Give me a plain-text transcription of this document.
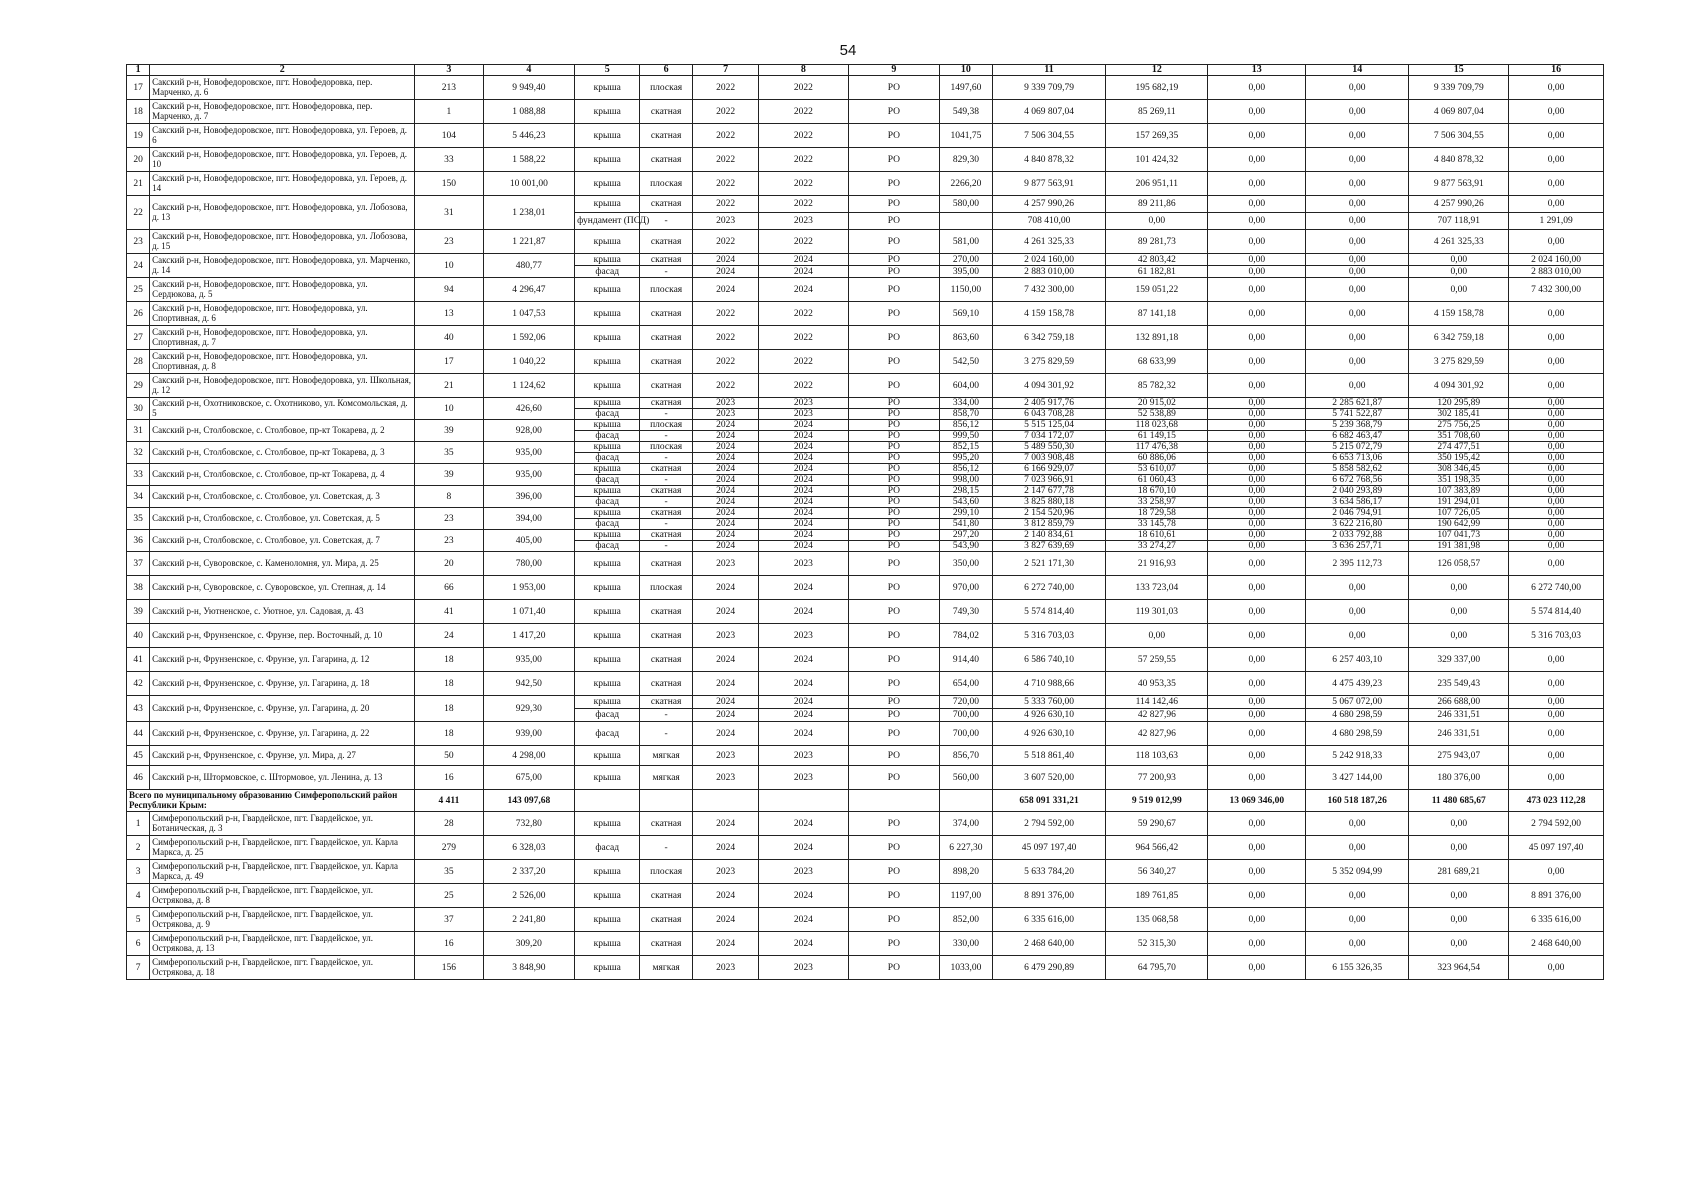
54
1	2	3	4	5	6	7	8	9	10	11	12	13	14	15	16
17	Сакский р-н, Новофедоровское, пгт. Новофедоровка, пер. Марченко, д. 6	213	9 949,40	крыша	плоская	2022	2022	РО	1497,60	9 339 709,79	195 682,19	0,00	0,00	9 339 709,79	0,00
18	Сакский р-н, Новофедоровское, пгт. Новофедоровка, пер. Марченко, д. 7	1	1 088,88	крыша	скатная	2022	2022	РО	549,38	4 069 807,04	85 269,11	0,00	0,00	4 069 807,04	0,00
19	Сакский р-н, Новофедоровское, пгт. Новофедоровка, ул. Героев, д. 6	104	5 446,23	крыша	скатная	2022	2022	РО	1041,75	7 506 304,55	157 269,35	0,00	0,00	7 506 304,55	0,00
20	Сакский р-н, Новофедоровское, пгт. Новофедоровка, ул. Героев, д. 10	33	1 588,22	крыша	скатная	2022	2022	РО	829,30	4 840 878,32	101 424,32	0,00	0,00	4 840 878,32	0,00
21	Сакский р-н, Новофедоровское, пгт. Новофедоровка, ул. Героев, д. 14	150	10 001,00	крыша	плоская	2022	2022	РО	2266,20	9 877 563,91	206 951,11	0,00	0,00	9 877 563,91	0,00
22	Сакский р-н, Новофедоровское, пгт. Новофедоровка, ул. Лобозова, д. 13	31	1 238,01	крыша	скатная	2022	2022	РО	580,00	4 257 990,26	89 211,86	0,00	0,00	4 257 990,26	0,00
				фундамент (ПСД)	-	2023	2023	РО		708 410,00	0,00	0,00	0,00	707 118,91	1 291,09
23	Сакский р-н, Новофедоровское, пгт. Новофедоровка, ул. Лобозова, д. 15	23	1 221,87	крыша	скатная	2022	2022	РО	581,00	4 261 325,33	89 281,73	0,00	0,00	4 261 325,33	0,00
24	Сакский р-н, Новофедоровское, пгт. Новофедоровка, ул. Марченко, д. 14	10	480,77	крыша	скатная	2024	2024	РО	270,00	2 024 160,00	42 803,42	0,00	0,00	0,00	2 024 160,00
				фасад	-	2024	2024	РО	395,00	2 883 010,00	61 182,81	0,00	0,00	0,00	2 883 010,00
25	Сакский р-н, Новофедоровское, пгт. Новофедоровка, ул. Сердюкова, д. 5	94	4 296,47	крыша	плоская	2024	2024	РО	1150,00	7 432 300,00	159 051,22	0,00	0,00	0,00	7 432 300,00
26	Сакский р-н, Новофедоровское, пгт. Новофедоровка, ул. Спортивная, д. 6	13	1 047,53	крыша	скатная	2022	2022	РО	569,10	4 159 158,78	87 141,18	0,00	0,00	4 159 158,78	0,00
27	Сакский р-н, Новофедоровское, пгт. Новофедоровка, ул. Спортивная, д. 7	40	1 592,06	крыша	скатная	2022	2022	РО	863,60	6 342 759,18	132 891,18	0,00	0,00	6 342 759,18	0,00
28	Сакский р-н, Новофедоровское, пгт. Новофедоровка, ул. Спортивная, д. 8	17	1 040,22	крыша	скатная	2022	2022	РО	542,50	3 275 829,59	68 633,99	0,00	0,00	3 275 829,59	0,00
29	Сакский р-н, Новофедоровское, пгт. Новофедоровка, ул. Школьная, д. 12	21	1 124,62	крыша	скатная	2022	2022	РО	604,00	4 094 301,92	85 782,32	0,00	0,00	4 094 301,92	0,00
30	Сакский р-н, Охотниковское, с. Охотниково, ул. Комсомольская, д. 5	10	426,60	крыша	скатная	2023	2023	РО	334,00	2 405 917,76	20 915,02	0,00	2 285 621,87	120 295,89	0,00
				фасад	-	2023	2023	РО	858,70	6 043 708,28	52 538,89	0,00	5 741 522,87	302 185,41	0,00
31	Сакский р-н, Столбовское, с. Столбовое, пр-кт Токарева, д. 2	39	928,00	крыша	плоская	2024	2024	РО	856,12	5 515 125,04	118 023,68	0,00	5 239 368,79	275 756,25	0,00
				фасад	-	2024	2024	РО	999,50	7 034 172,07	61 149,15	0,00	6 682 463,47	351 708,60	0,00
32	Сакский р-н, Столбовское, с. Столбовое, пр-кт Токарева, д. 3	35	935,00	крыша	плоская	2024	2024	РО	852,15	5 489 550,30	117 476,38	0,00	5 215 072,79	274 477,51	0,00
				фасад	-	2024	2024	РО	995,20	7 003 908,48	60 886,06	0,00	6 653 713,06	350 195,42	0,00
33	Сакский р-н, Столбовское, с. Столбовое, пр-кт Токарева, д. 4	39	935,00	крыша	скатная	2024	2024	РО	856,12	6 166 929,07	53 610,07	0,00	5 858 582,62	308 346,45	0,00
				фасад	-	2024	2024	РО	998,00	7 023 966,91	61 060,43	0,00	6 672 768,56	351 198,35	0,00
34	Сакский р-н, Столбовское, с. Столбовое, ул. Советская, д. 3	8	396,00	крыша	скатная	2024	2024	РО	298,15	2 147 677,78	18 670,10	0,00	2 040 293,89	107 383,89	0,00
				фасад	-	2024	2024	РО	543,60	3 825 880,18	33 258,97	0,00	3 634 586,17	191 294,01	0,00
35	Сакский р-н, Столбовское, с. Столбовое, ул. Советская, д. 5	23	394,00	крыша	скатная	2024	2024	РО	299,10	2 154 520,96	18 729,58	0,00	2 046 794,91	107 726,05	0,00
				фасад	-	2024	2024	РО	541,80	3 812 859,79	33 145,78	0,00	3 622 216,80	190 642,99	0,00
36	Сакский р-н, Столбовское, с. Столбовое, ул. Советская, д. 7	23	405,00	крыша	скатная	2024	2024	РО	297,20	2 140 834,61	18 610,61	0,00	2 033 792,88	107 041,73	0,00
				фасад	-	2024	2024	РО	543,90	3 827 639,69	33 274,27	0,00	3 636 257,71	191 381,98	0,00
37	Сакский р-н, Суворовское, с. Каменоломня, ул. Мира, д. 25	20	780,00	крыша	скатная	2023	2023	РО	350,00	2 521 171,30	21 916,93	0,00	2 395 112,73	126 058,57	0,00
38	Сакский р-н, Суворовское, с. Суворовское, ул. Степная, д. 14	66	1 953,00	крыша	плоская	2024	2024	РО	970,00	6 272 740,00	133 723,04	0,00	0,00	0,00	6 272 740,00
39	Сакский р-н, Уютненское, с. Уютное, ул. Садовая, д. 43	41	1 071,40	крыша	скатная	2024	2024	РО	749,30	5 574 814,40	119 301,03	0,00	0,00	0,00	5 574 814,40
40	Сакский р-н, Фрунзенское, с. Фрунзе, пер. Восточный, д. 10	24	1 417,20	крыша	скатная	2023	2023	РО	784,02	5 316 703,03	0,00	0,00	0,00	0,00	5 316 703,03
41	Сакский р-н, Фрунзенское, с. Фрунзе, ул. Гагарина, д. 12	18	935,00	крыша	скатная	2024	2024	РО	914,40	6 586 740,10	57 259,55	0,00	6 257 403,10	329 337,00	0,00
42	Сакский р-н, Фрунзенское, с. Фрунзе, ул. Гагарина, д. 18	18	942,50	крыша	скатная	2024	2024	РО	654,00	4 710 988,66	40 953,35	0,00	4 475 439,23	235 549,43	0,00
43	Сакский р-н, Фрунзенское, с. Фрунзе, ул. Гагарина, д. 20	18	929,30	крыша	скатная	2024	2024	РО	720,00	5 333 760,00	114 142,46	0,00	5 067 072,00	266 688,00	0,00
				фасад	-	2024	2024	РО	700,00	4 926 630,10	42 827,96	0,00	4 680 298,59	246 331,51	0,00
44	Сакский р-н, Фрунзенское, с. Фрунзе, ул. Гагарина, д. 22	18	939,00	фасад	-	2024	2024	РО	700,00	4 926 630,10	42 827,96	0,00	4 680 298,59	246 331,51	0,00
45	Сакский р-н, Фрунзенское, с. Фрунзе, ул. Мира, д. 27	50	4 298,00	крыша	мягкая	2023	2023	РО	856,70	5 518 861,40	118 103,63	0,00	5 242 918,33	275 943,07	0,00
46	Сакский р-н, Штормовское, с. Штормовое, ул. Ленина, д. 13	16	675,00	крыша	мягкая	2023	2023	РО	560,00	3 607 520,00	77 200,93	0,00	3 427 144,00	180 376,00	0,00
Всего по муниципальному образованию Симферопольский район Республики Крым:		4 411	143 097,68							658 091 331,21	9 519 012,99	13 069 346,00	160 518 187,26	11 480 685,67	473 023 112,28
1	Симферопольский р-н, Гвардейское, пгт. Гвардейское, ул. Ботаническая, д. 3	28	732,80	крыша	скатная	2024	2024	РО	374,00	2 794 592,00	59 290,67	0,00	0,00	0,00	2 794 592,00
2	Симферопольский р-н, Гвардейское, пгт. Гвардейское, ул. Карла Маркса, д. 25	279	6 328,03	фасад	-	2024	2024	РО	6 227,30	45 097 197,40	964 566,42	0,00	0,00	0,00	45 097 197,40
3	Симферопольский р-н, Гвардейское, пгт. Гвардейское, ул. Карла Маркса, д. 49	35	2 337,20	крыша	плоская	2023	2023	РО	898,20	5 633 784,20	56 340,27	0,00	5 352 094,99	281 689,21	0,00
4	Симферопольский р-н, Гвардейское, пгт. Гвардейское, ул. Острякова, д. 8	25	2 526,00	крыша	скатная	2024	2024	РО	1197,00	8 891 376,00	189 761,85	0,00	0,00	0,00	8 891 376,00
5	Симферопольский р-н, Гвардейское, пгт. Гвардейское, ул. Острякова, д. 9	37	2 241,80	крыша	скатная	2024	2024	РО	852,00	6 335 616,00	135 068,58	0,00	0,00	0,00	6 335 616,00
6	Симферопольский р-н, Гвардейское, пгт. Гвардейское, ул. Острякова, д. 13	16	309,20	крыша	скатная	2024	2024	РО	330,00	2 468 640,00	52 315,30	0,00	0,00	0,00	2 468 640,00
7	Симферопольский р-н, Гвардейское, пгт. Гвардейское, ул. Острякова, д. 18	156	3 848,90	крыша	мягкая	2023	2023	РО	1033,00	6 479 290,89	64 795,70	0,00	6 155 326,35	323 964,54	0,00
